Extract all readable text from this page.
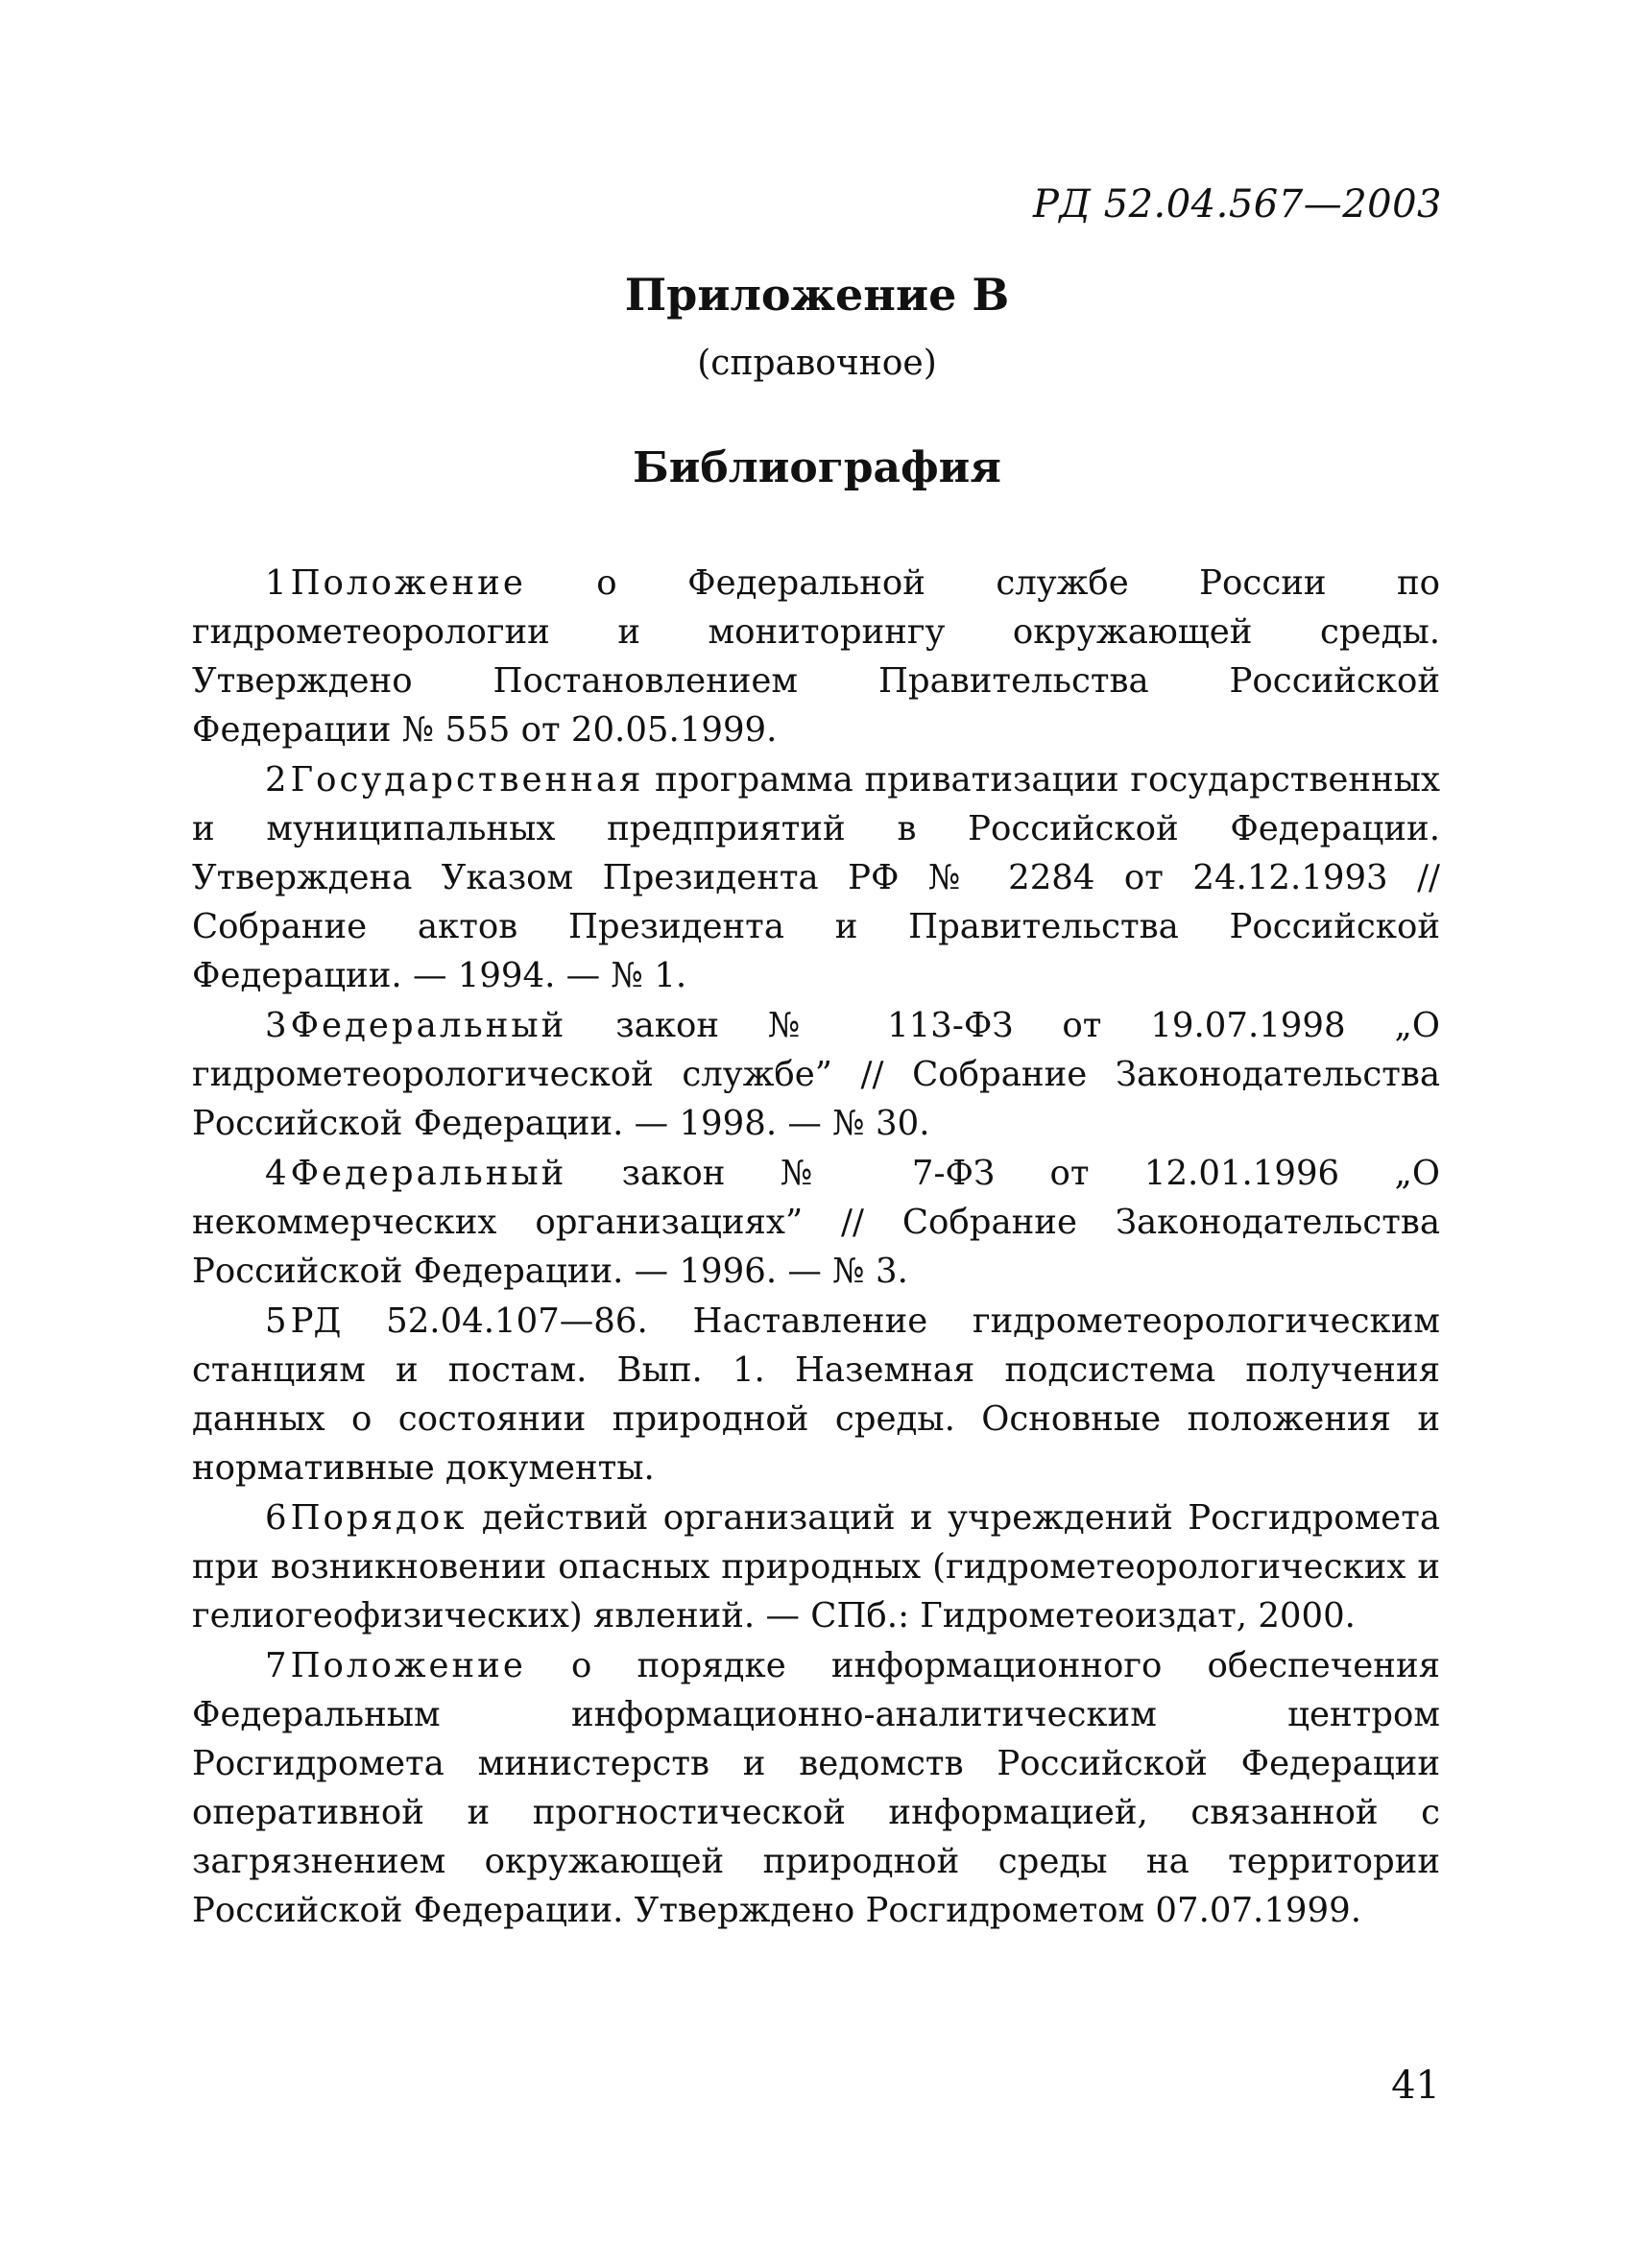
РД 52.04.567—2003
Приложение В
(справочное)
Библиография
1 Положение о Федеральной службе России по гидрометеорологии и мониторингу окружающей среды. Утверждено Постановлением Правительства Российской Федерации № 555 от 20.05.1999.
2 Государственная программа приватизации государственных и муниципальных предприятий в Российской Федерации. Утверждена Указом Президента РФ № 2284 от 24.12.1993 // Собрание актов Президента и Правительства Российской Федерации. — 1994. — № 1.
3 Федеральный закон № 113-ФЗ от 19.07.1998 „О гидрометеорологической службе” // Собрание Законодательства Российской Федерации. — 1998. — № 30.
4 Федеральный закон № 7-ФЗ от 12.01.1996 „О некоммерческих организациях” // Собрание Законодательства Российской Федерации. — 1996. — № 3.
5 РД 52.04.107—86. Наставление гидрометеорологическим станциям и постам. Вып. 1. Наземная подсистема получения данных о состоянии природной среды. Основные положения и нормативные документы.
6 Порядок действий организаций и учреждений Росгидромета при возникновении опасных природных (гидрометеорологических и гелиогеофизических) явлений. — СПб.: Гидрометеоиздат, 2000.
7 Положение о порядке информационного обеспечения Федеральным информационно-аналитическим центром Росгидромета министерств и ведомств Российской Федерации оперативной и прогностической информацией, связанной с загрязнением окружающей природной среды на территории Российской Федерации. Утверждено Росгидрометом 07.07.1999.
41
